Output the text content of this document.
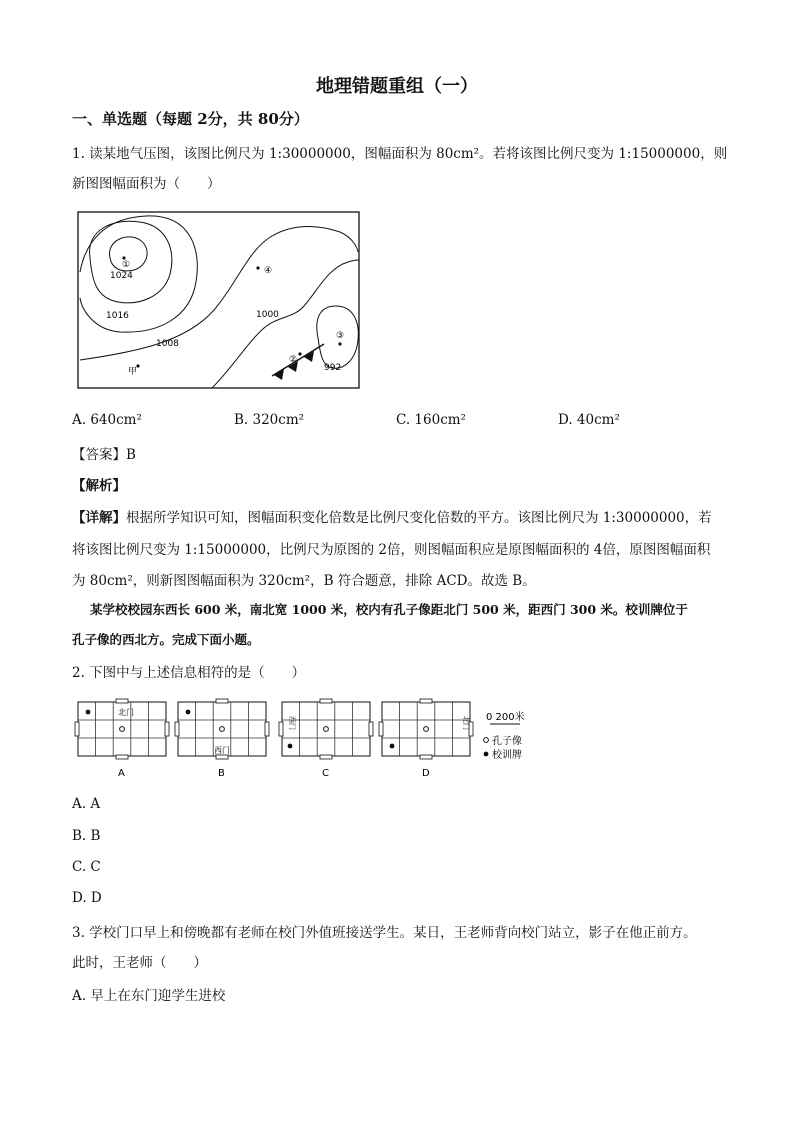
地理错题重组（一）
一、单选题（每题 2分，共 80分）
1. 读某地气压图，该图比例尺为 1:30000000，图幅面积为 80cm²。若将该图比例尺变为 1:15000000，则
新图图幅面积为（　　）
①
④
③
②
1024
1016
1008
1000
992
甲
A. 640cm²	B. 320cm²	C. 160cm²	D. 40cm²
【答案】B
【解析】
【详解】根据所学知识可知，图幅面积变化倍数是比例尺变化倍数的平方。该图比例尺为 1:30000000，若
将该图比例尺变为 1:15000000，比例尺为原图的 2倍，则图幅面积应是原图幅面积的 4倍，原图图幅面积
为 80cm²，则新图图幅面积为 320cm²，B 符合题意，排除 ACD。故选 B。
某学校校园东西长 600 米，南北宽 1000 米，校内有孔子像距北门 500 米，距西门 300 米。校训牌位于
孔子像的西北方。完成下面小题。
2. 下图中与上述信息相符的是（　　）
北门
A
西门
B
西门
C
北门
D
0 200米
孔子像
校训牌
A. A
B. B
C. C
D. D
3. 学校门口早上和傍晚都有老师在校门外值班接送学生。某日，王老师背向校门站立，影子在他正前方。
此时，王老师（　　）
A. 早上在东门迎学生进校
